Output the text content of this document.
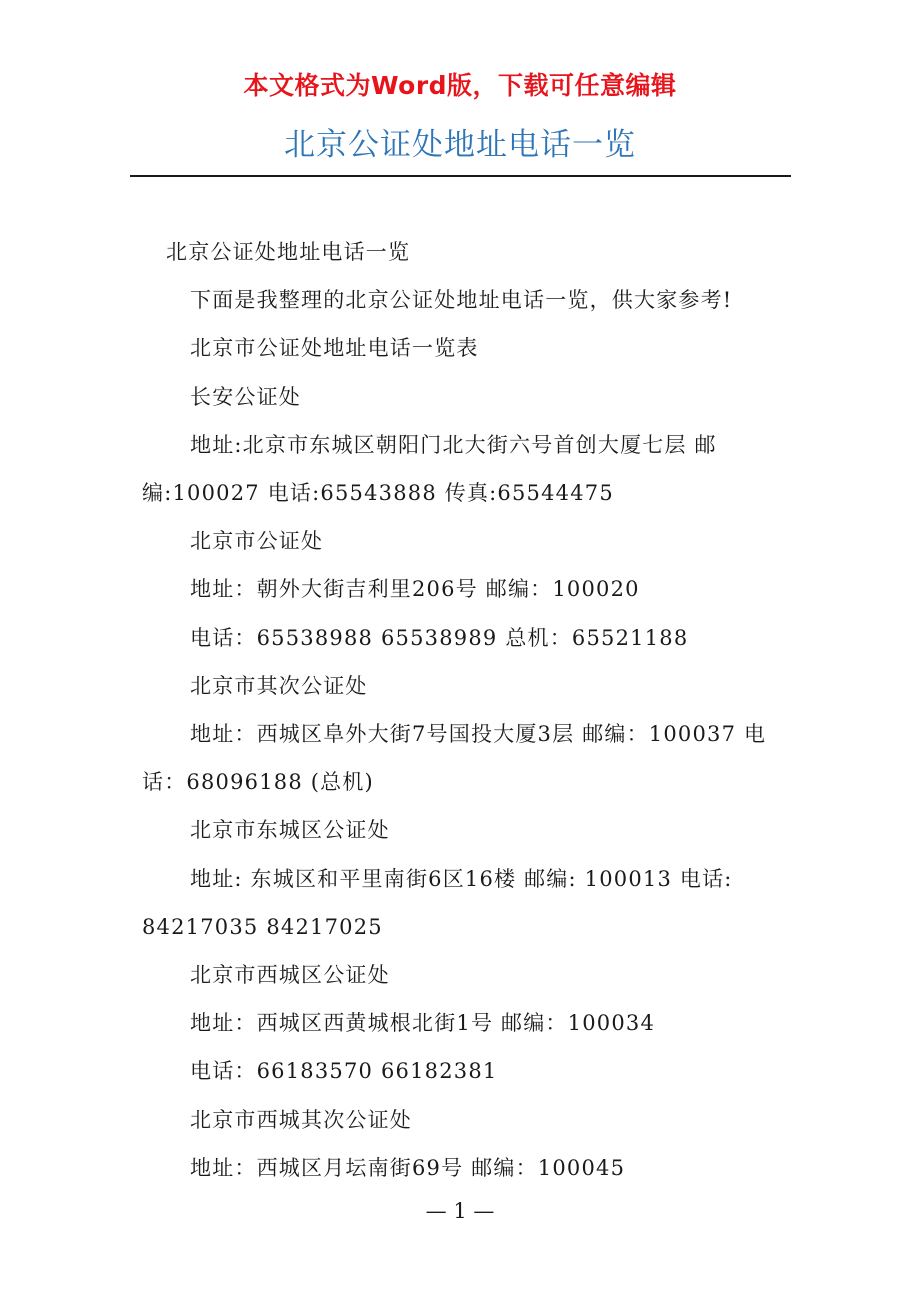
本文格式为Word版，下载可任意编辑
北京公证处地址电话一览

北京公证处地址电话一览

下面是我整理的北京公证处地址电话一览，供大家参考!

北京市公证处地址电话一览表

长安公证处

地址:北京市东城区朝阳门北大街六号首创大厦七层 邮编:100027 电话:65543888 传真:65544475

北京市公证处

地址：朝外大街吉利里206号 邮编：100020

电话：65538988 65538989 总机：65521188

北京市其次公证处

地址：西城区阜外大街7号国投大厦3层 邮编：100037 电话：68096188 (总机)

北京市东城区公证处

地址: 东城区和平里南街6区16楼 邮编: 100013 电话: 84217035 84217025

北京市西城区公证处

地址：西城区西黄城根北街1号 邮编：100034

电话：66183570 66182381

北京市西城其次公证处

地址：西城区月坛南街69号 邮编：100045

— 1 —
